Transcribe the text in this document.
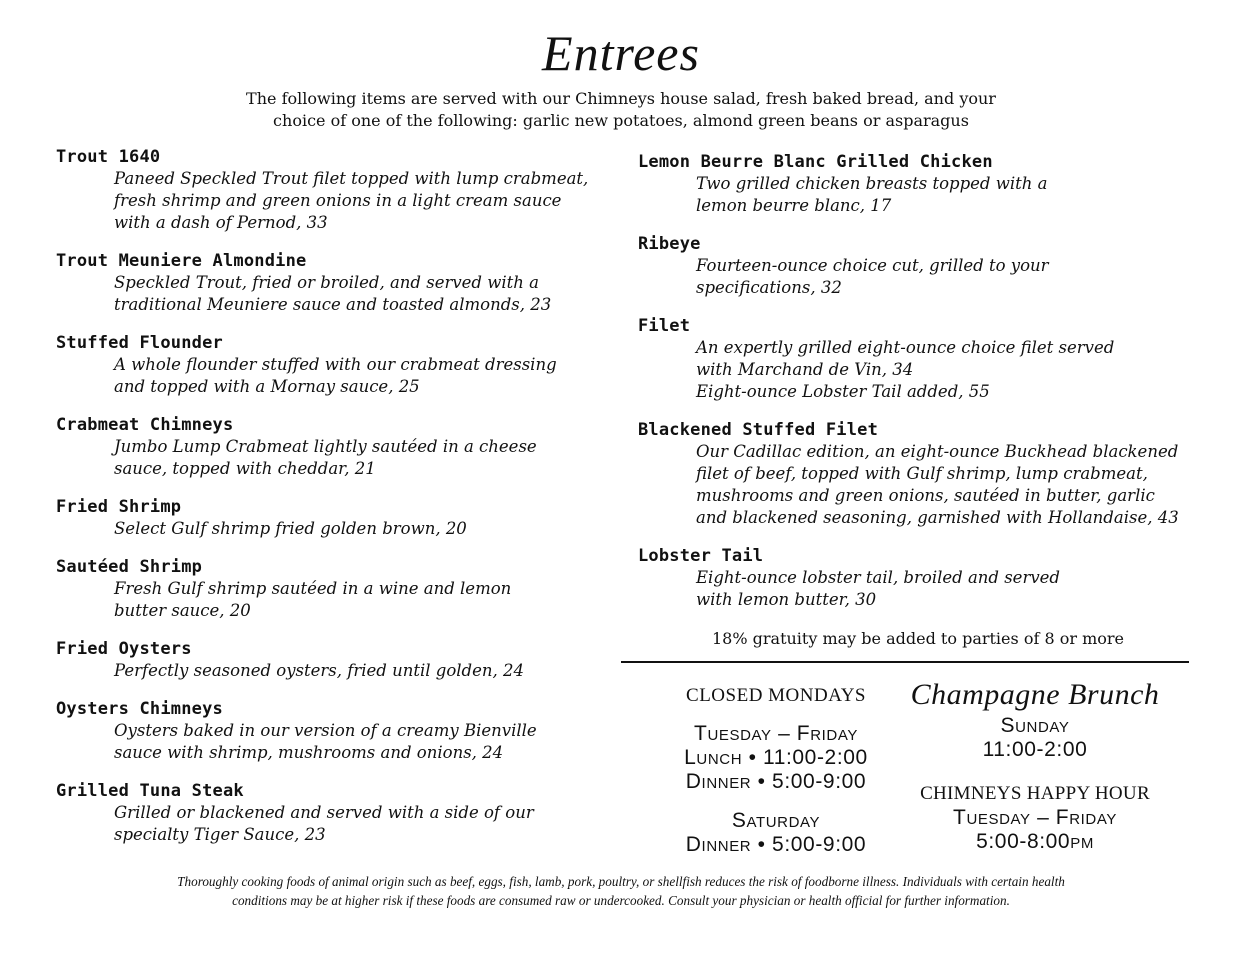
Entrees
The following items are served with our Chimneys house salad, fresh baked bread, and your
choice of one of the following: garlic new potatoes, almond green beans or asparagus
Trout 1640
Paneed Speckled Trout filet topped with lump crabmeat,
fresh shrimp and green onions in a light cream sauce
with a dash of Pernod, 33
Trout Meuniere Almondine
Speckled Trout, fried or broiled, and served with a
traditional Meuniere sauce and toasted almonds, 23
Stuffed Flounder
A whole flounder stuffed with our crabmeat dressing
and topped with a Mornay sauce, 25
Crabmeat Chimneys
Jumbo Lump Crabmeat lightly sautéed in a cheese
sauce, topped with cheddar, 21
Fried Shrimp
Select Gulf shrimp fried golden brown, 20
Sautéed Shrimp
Fresh Gulf shrimp sautéed in a wine and lemon
butter sauce, 20
Fried Oysters
Perfectly seasoned oysters, fried until golden, 24
Oysters Chimneys
Oysters baked in our version of a creamy Bienville
sauce with shrimp, mushrooms and onions, 24
Grilled Tuna Steak
Grilled or blackened and served with a side of our
specialty Tiger Sauce, 23
Lemon Beurre Blanc Grilled Chicken
Two grilled chicken breasts topped with a
lemon beurre blanc, 17
Ribeye
Fourteen-ounce choice cut, grilled to your
specifications, 32
Filet
An expertly grilled eight-ounce choice filet served
with Marchand de Vin, 34
Eight-ounce Lobster Tail added, 55
Blackened Stuffed Filet
Our Cadillac edition, an eight-ounce Buckhead blackened
filet of beef, topped with Gulf shrimp, lump crabmeat,
mushrooms and green onions, sautéed in butter, garlic
and blackened seasoning, garnished with Hollandaise, 43
Lobster Tail
Eight-ounce lobster tail, broiled and served
with lemon butter, 30
18% gratuity may be added to parties of 8 or more
CLOSED MONDAYS
Tuesday – Friday
Lunch • 11:00-2:00
Dinner • 5:00-9:00
Saturday
Dinner • 5:00-9:00
Champagne Brunch
Sunday
11:00-2:00
CHIMNEYS HAPPY HOUR
Tuesday – Friday
5:00-8:00pm
Thoroughly cooking foods of animal origin such as beef, eggs, fish, lamb, pork, poultry, or shellfish reduces the risk of foodborne illness. Individuals with certain health
conditions may be at higher risk if these foods are consumed raw or undercooked. Consult your physician or health official for further information.
